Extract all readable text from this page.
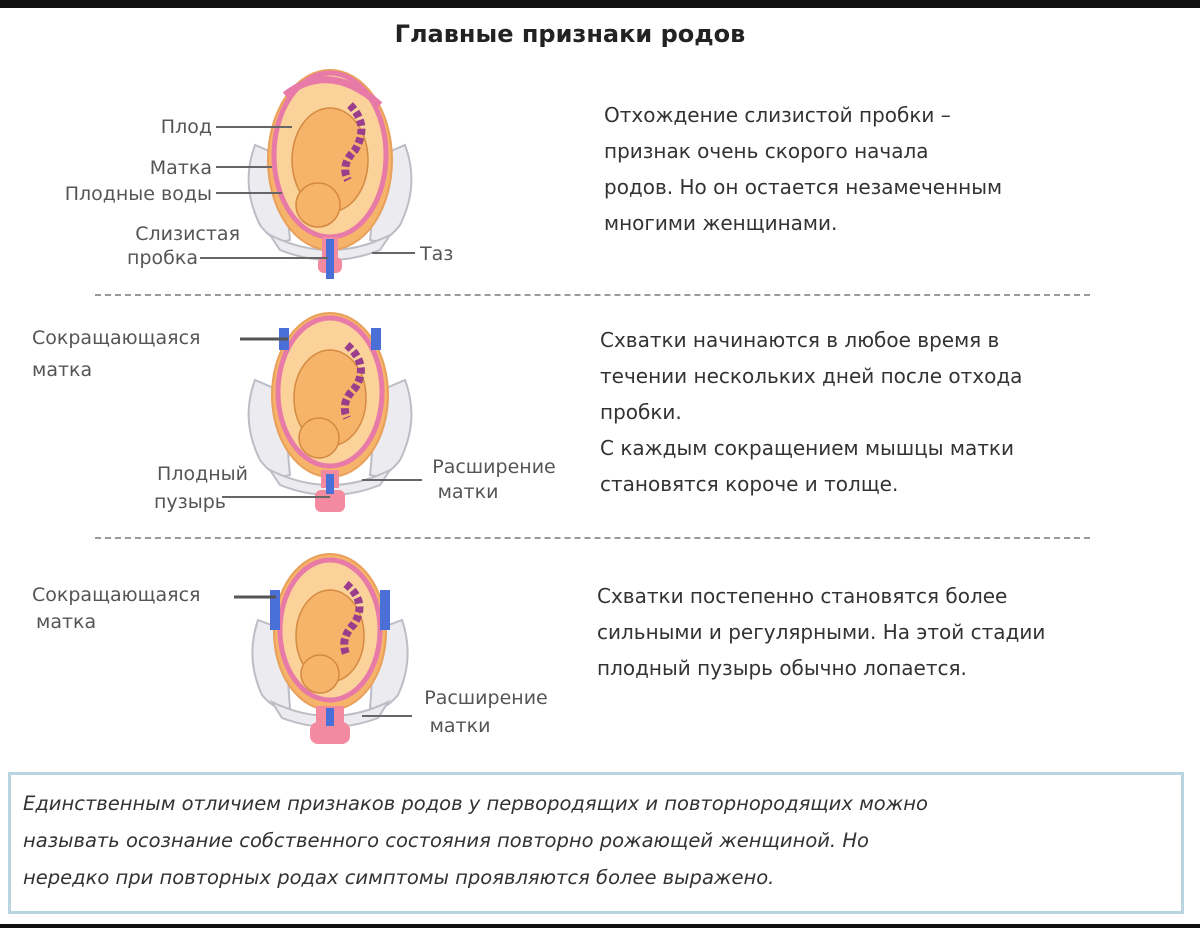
Главные признаки родов
Плод
Матка
Плодные воды
Слизистая
пробка	Таз

Отхождение слизистой пробки –

признак очень скорого начала

родов. Но он остается незамеченным

многими женщинами.

Сокращающаяся
матка
Плодный
пузырь
Расширение
матки

Схватки начинаются в любое время в

течении нескольких дней после отхода

пробки.

С каждым сокращением мышцы матки

становятся короче и толще.

Сокращающаяся
матка
Расширение
матки

Схватки постепенно становятся более

сильными и регулярными. На этой стадии

плодный пузырь обычно лопается.

Единственным отличием признаков родов у первородящих и повторнородящих можно
называть осознание собственного состояния повторно рожающей женщиной. Но
нередко при повторных родах симптомы проявляются более выражено.
